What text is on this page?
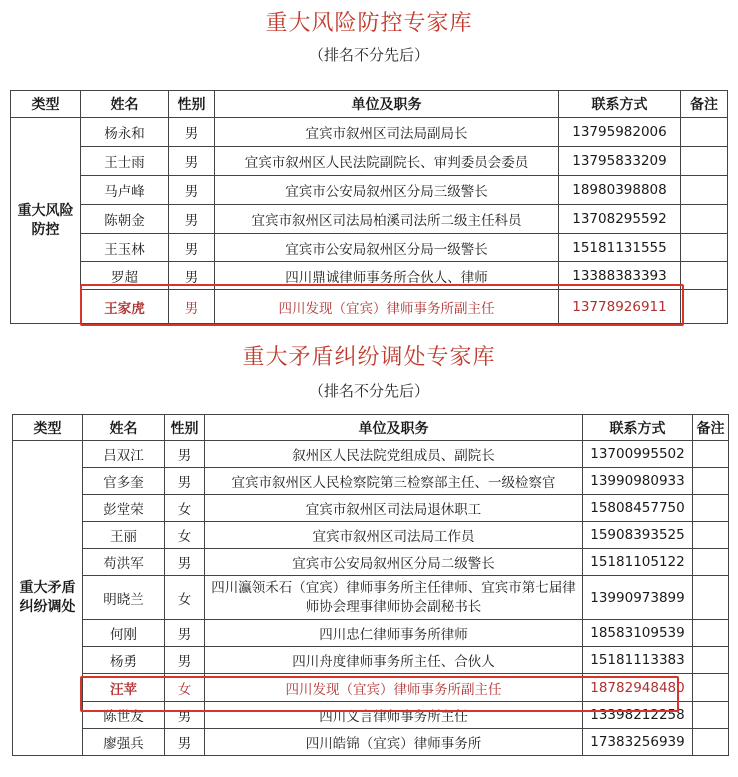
重大风险防控专家库
（排名不分先后）
类型	姓名	性别	单位及职务	联系方式	备注
重大风险防控	杨永和	男	宜宾市叙州区司法局副局长	13795982006	
	王士雨	男	宜宾市叙州区人民法院副院长、审判委员会委员	13795833209	
	马卢峰	男	宜宾市公安局叙州区分局三级警长	18980398808	
	陈朝金	男	宜宾市叙州区司法局柏溪司法所二级主任科员	13708295592	
	王玉林	男	宜宾市公安局叙州区分局一级警长	15181131555	
	罗超	男	四川鼎诚律师事务所合伙人、律师	13388383393	
	王家虎	男	四川发现（宜宾）律师事务所副主任	13778926911	
重大矛盾纠纷调处专家库
（排名不分先后）
类型	姓名	性别	单位及职务	联系方式	备注
重大矛盾纠纷调处	吕双江	男	叙州区人民法院党组成员、副院长	13700995502	
	官多奎	男	宜宾市叙州区人民检察院第三检察部主任、一级检察官	13990980933	
	彭堂荣	女	宜宾市叙州区司法局退休职工	15808457750	
	王丽	女	宜宾市叙州区司法局工作员	15908393525	
	苟洪军	男	宜宾市公安局叙州区分局二级警长	15181105122	
	明晓兰	女	四川瀛领禾石（宜宾）律师事务所主任律师、宜宾市第七届律　师协会理事律师协会副秘书长	13990973899	
	何刚	男	四川忠仁律师事务所律师	18583109539	
	杨勇	男	四川舟度律师事务所主任、合伙人	15181113383	
	汪苹	女	四川发现（宜宾）律师事务所副主任	18782948480	
	陈世友	男	四川义言律师事务所主任	13398212258	
	廖强兵	男	四川皓锦（宜宾）律师事务所	17383256939	
